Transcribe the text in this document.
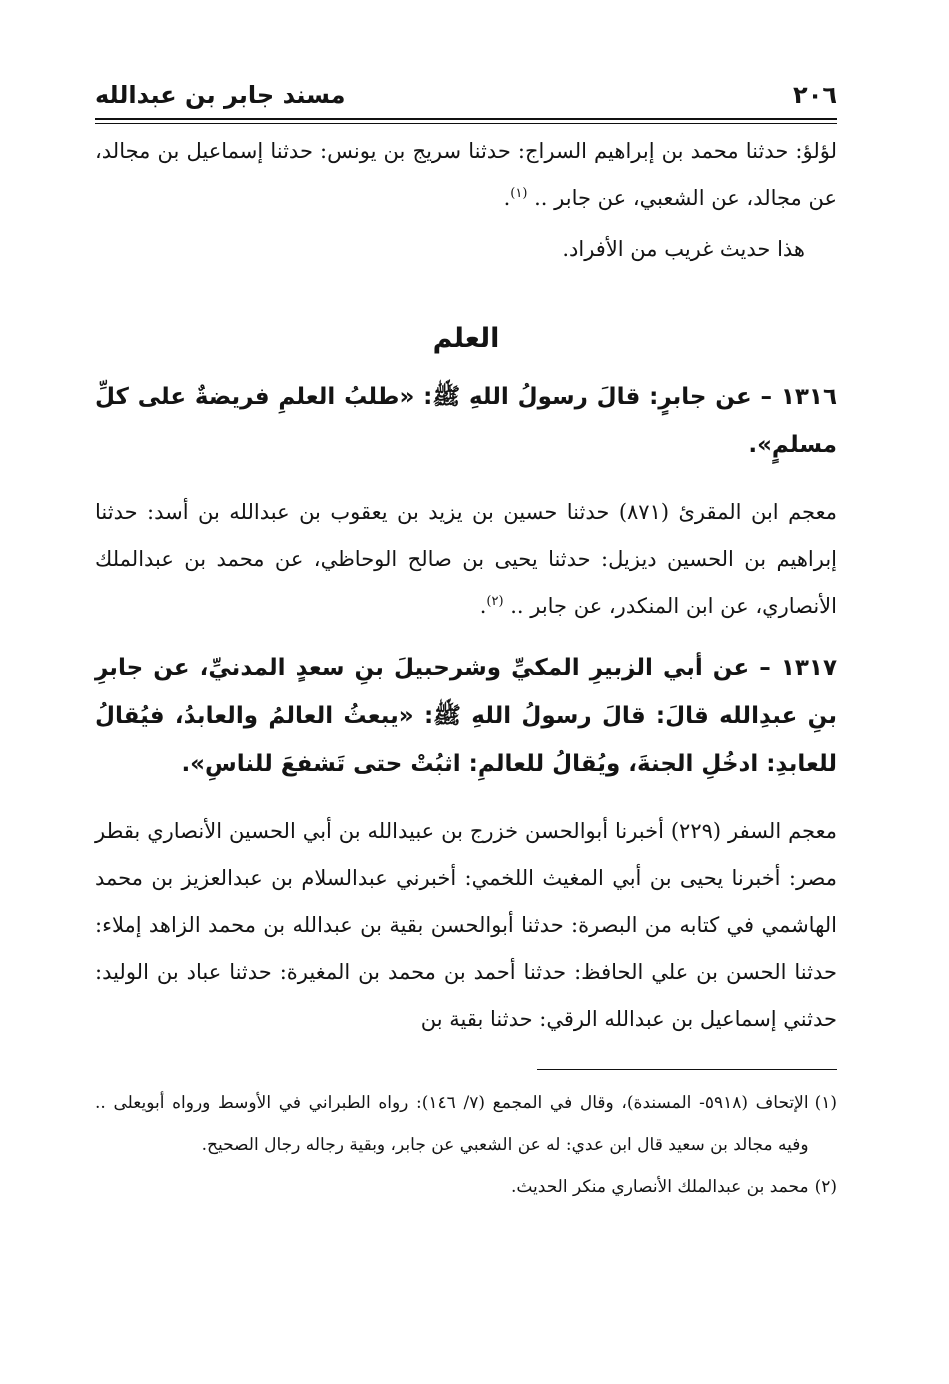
٢٠٦
مسند جابر بن عبدالله

لؤلؤ: حدثنا محمد بن إبراهيم السراج: حدثنا سريج بن يونس: حدثنا إسماعيل بن مجالد، عن مجالد، عن الشعبي، عن جابر .. $^{(١)}$.

هذا حديث غريب من الأفراد.

العلم

١٣١٦ – عن جابرٍ: قالَ رسولُ اللهِ ﷺ: «طلبُ العلمِ فريضةٌ على كلِّ مسلمٍ».

معجم ابن المقرئ (٨٧١) حدثنا حسين بن يزيد بن يعقوب بن عبدالله بن أسد: حدثنا إبراهيم بن الحسين ديزيل: حدثنا يحيى بن صالح الوحاظي، عن محمد بن عبدالملك الأنصاري، عن ابن المنكدر، عن جابر .. $^{(٢)}$.

١٣١٧ – عن أبي الزبيرِ المكيِّ وشرحبيلَ بنِ سعدٍ المدنيِّ، عن جابرِ بنِ عبدِالله قالَ: قالَ رسولُ اللهِ ﷺ: «يبعثُ العالمُ والعابدُ، فيُقالُ للعابدِ: ادخُلِ الجنةَ، ويُقالُ للعالمِ: اثبُتْ حتى تَشفعَ للناسِ».

معجم السفر (٢٢٩) أخبرنا أبوالحسن خزرج بن عبيدالله بن أبي الحسين الأنصاري بقطر مصر: أخبرنا يحيى بن أبي المغيث اللخمي: أخبرني عبدالسلام بن عبدالعزيز بن محمد الهاشمي في كتابه من البصرة: حدثنا أبوالحسن بقية بن عبدالله بن محمد الزاهد إملاء: حدثنا الحسن بن علي الحافظ: حدثنا أحمد بن محمد بن المغيرة: حدثنا عباد بن الوليد: حدثني إسماعيل بن عبدالله الرقي: حدثنا بقية بن

(١)
الإتحاف (٥٩١٨- المسندة)، وقال في المجمع (٧/ ١٤٦): رواه الطبراني في الأوسط ورواه أبويعلى .. وفيه مجالد بن سعيد قال ابن عدي: له عن الشعبي عن جابر، وبقية رجاله رجال الصحيح.

(٢)
محمد بن عبدالملك الأنصاري منكر الحديث.
